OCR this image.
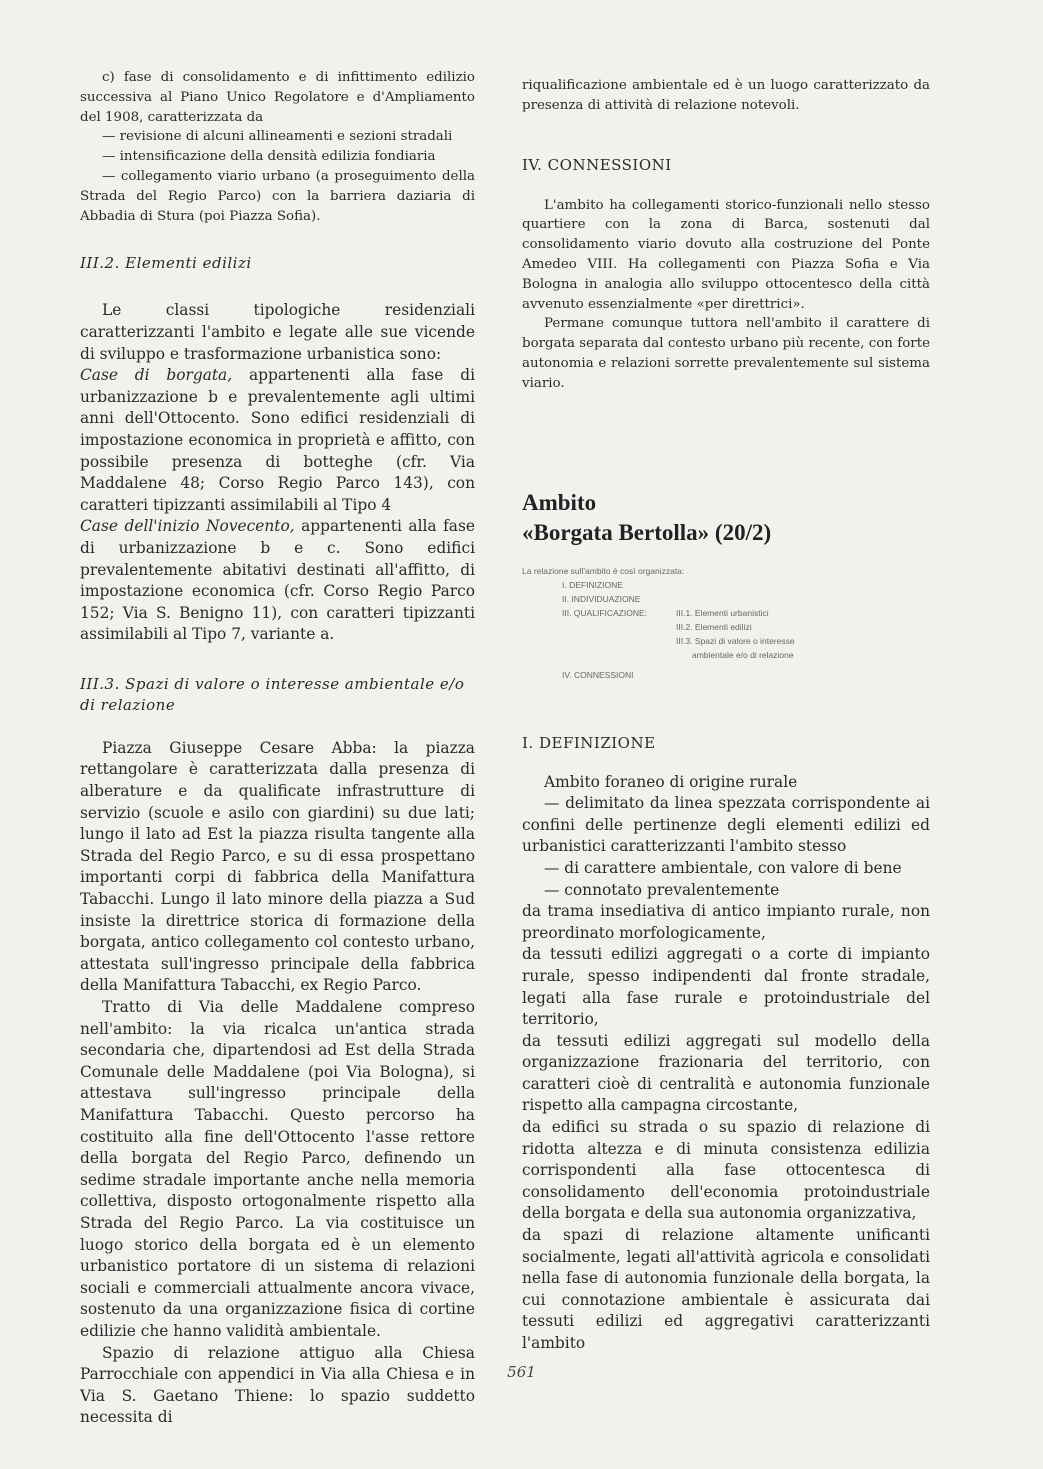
c) fase di consolidamento e di infittimento edilizio successiva al Piano Unico Regolatore e d'Ampliamento del 1908, caratterizzata da

— revisione di alcuni allineamenti e sezioni stradali

— intensificazione della densità edilizia fondiaria

— collegamento viario urbano (a proseguimento della Strada del Regio Parco) con la barriera daziaria di Abbadia di Stura (poi Piazza Sofia).

III.2. Elementi edilizi

Le classi tipologiche residenziali caratterizzanti l'ambito e legate alle sue vicende di sviluppo e trasformazione urbanistica sono:

Case di borgata, appartenenti alla fase di urbanizzazione b e prevalentemente agli ultimi anni dell'Ottocento. Sono edifici residenziali di impostazione economica in proprietà e affitto, con possibile presenza di botteghe (cfr. Via Maddalene 48; Corso Regio Parco 143), con caratteri tipizzanti assimilabili al Tipo 4

Case dell'inizio Novecento, appartenenti alla fase di urbanizzazione b e c. Sono edifici prevalentemente abitativi destinati all'affitto, di impostazione economica (cfr. Corso Regio Parco 152; Via S. Benigno 11), con caratteri tipizzanti assimilabili al Tipo 7, variante a.

III.3. Spazi di valore o interesse ambientale e/o di relazione

Piazza Giuseppe Cesare Abba: la piazza rettangolare è caratterizzata dalla presenza di alberature e da qualificate infrastrutture di servizio (scuole e asilo con giardini) su due lati; lungo il lato ad Est la piazza risulta tangente alla Strada del Regio Parco, e su di essa prospettano importanti corpi di fabbrica della Manifattura Tabacchi. Lungo il lato minore della piazza a Sud insiste la direttrice storica di formazione della borgata, antico collegamento col contesto urbano, attestata sull'ingresso principale della fabbrica della Manifattura Tabacchi, ex Regio Parco.

Tratto di Via delle Maddalene compreso nell'ambito: la via ricalca un'antica strada secondaria che, dipartendosi ad Est della Strada Comunale delle Maddalene (poi Via Bologna), si attestava sull'ingresso principale della Manifattura Tabacchi. Questo percorso ha costituito alla fine dell'Ottocento l'asse rettore della borgata del Regio Parco, definendo un sedime stradale importante anche nella memoria collettiva, disposto ortogonalmente rispetto alla Strada del Regio Parco. La via costituisce un luogo storico della borgata ed è un elemento urbanistico portatore di un sistema di relazioni sociali e commerciali attualmente ancora vivace, sostenuto da una organizzazione fisica di cortine edilizie che hanno validità ambientale.

Spazio di relazione attiguo alla Chiesa Parrocchiale con appendici in Via alla Chiesa e in Via S. Gaetano Thiene: lo spazio suddetto necessita di

riqualificazione ambientale ed è un luogo caratterizzato da presenza di attività di relazione notevoli.

IV. CONNESSIONI

L'ambito ha collegamenti storico-funzionali nello stesso quartiere con la zona di Barca, sostenuti dal consolidamento viario dovuto alla costruzione del Ponte Amedeo VIII. Ha collegamenti con Piazza Sofia e Via Bologna in analogia allo sviluppo ottocentesco della città avvenuto essenzialmente «per direttrici».

Permane comunque tuttora nell'ambito il carattere di borgata separata dal contesto urbano più recente, con forte autonomia e relazioni sorrette prevalentemente sul sistema viario.

Ambito
«Borgata Bertolla» (20/2)
La relazione sull'ambito è così organizzata:
I. DEFINIZIONE
II. INDIVIDUAZIONE
III. QUALIFICAZIONE:	III.1. Elementi urbanistici
III.2. Elementi edilizi
III.3. Spazi di valore o interesse
ambientale e/o di relazione
IV. CONNESSIONI
I. DEFINIZIONE

Ambito foraneo di origine rurale

— delimitato da linea spezzata corrispondente ai confini delle pertinenze degli elementi edilizi ed urbanistici caratterizzanti l'ambito stesso

— di carattere ambientale, con valore di bene

— connotato prevalentemente

da trama insediativa di antico impianto rurale, non preordinato morfologicamente,

da tessuti edilizi aggregati o a corte di impianto rurale, spesso indipendenti dal fronte stradale, legati alla fase rurale e protoindustriale del territorio,

da tessuti edilizi aggregati sul modello della organizzazione frazionaria del territorio, con caratteri cioè di centralità e autonomia funzionale rispetto alla campagna circostante,

da edifici su strada o su spazio di relazione di ridotta altezza e di minuta consistenza edilizia corrispondenti alla fase ottocentesca di consolidamento dell'economia protoindustriale della borgata e della sua autonomia organizzativa,

da spazi di relazione altamente unificanti socialmente, legati all'attività agricola e consolidati nella fase di autonomia funzionale della borgata, la cui connotazione ambientale è assicurata dai tessuti edilizi ed aggregativi caratterizzanti l'ambito

561
